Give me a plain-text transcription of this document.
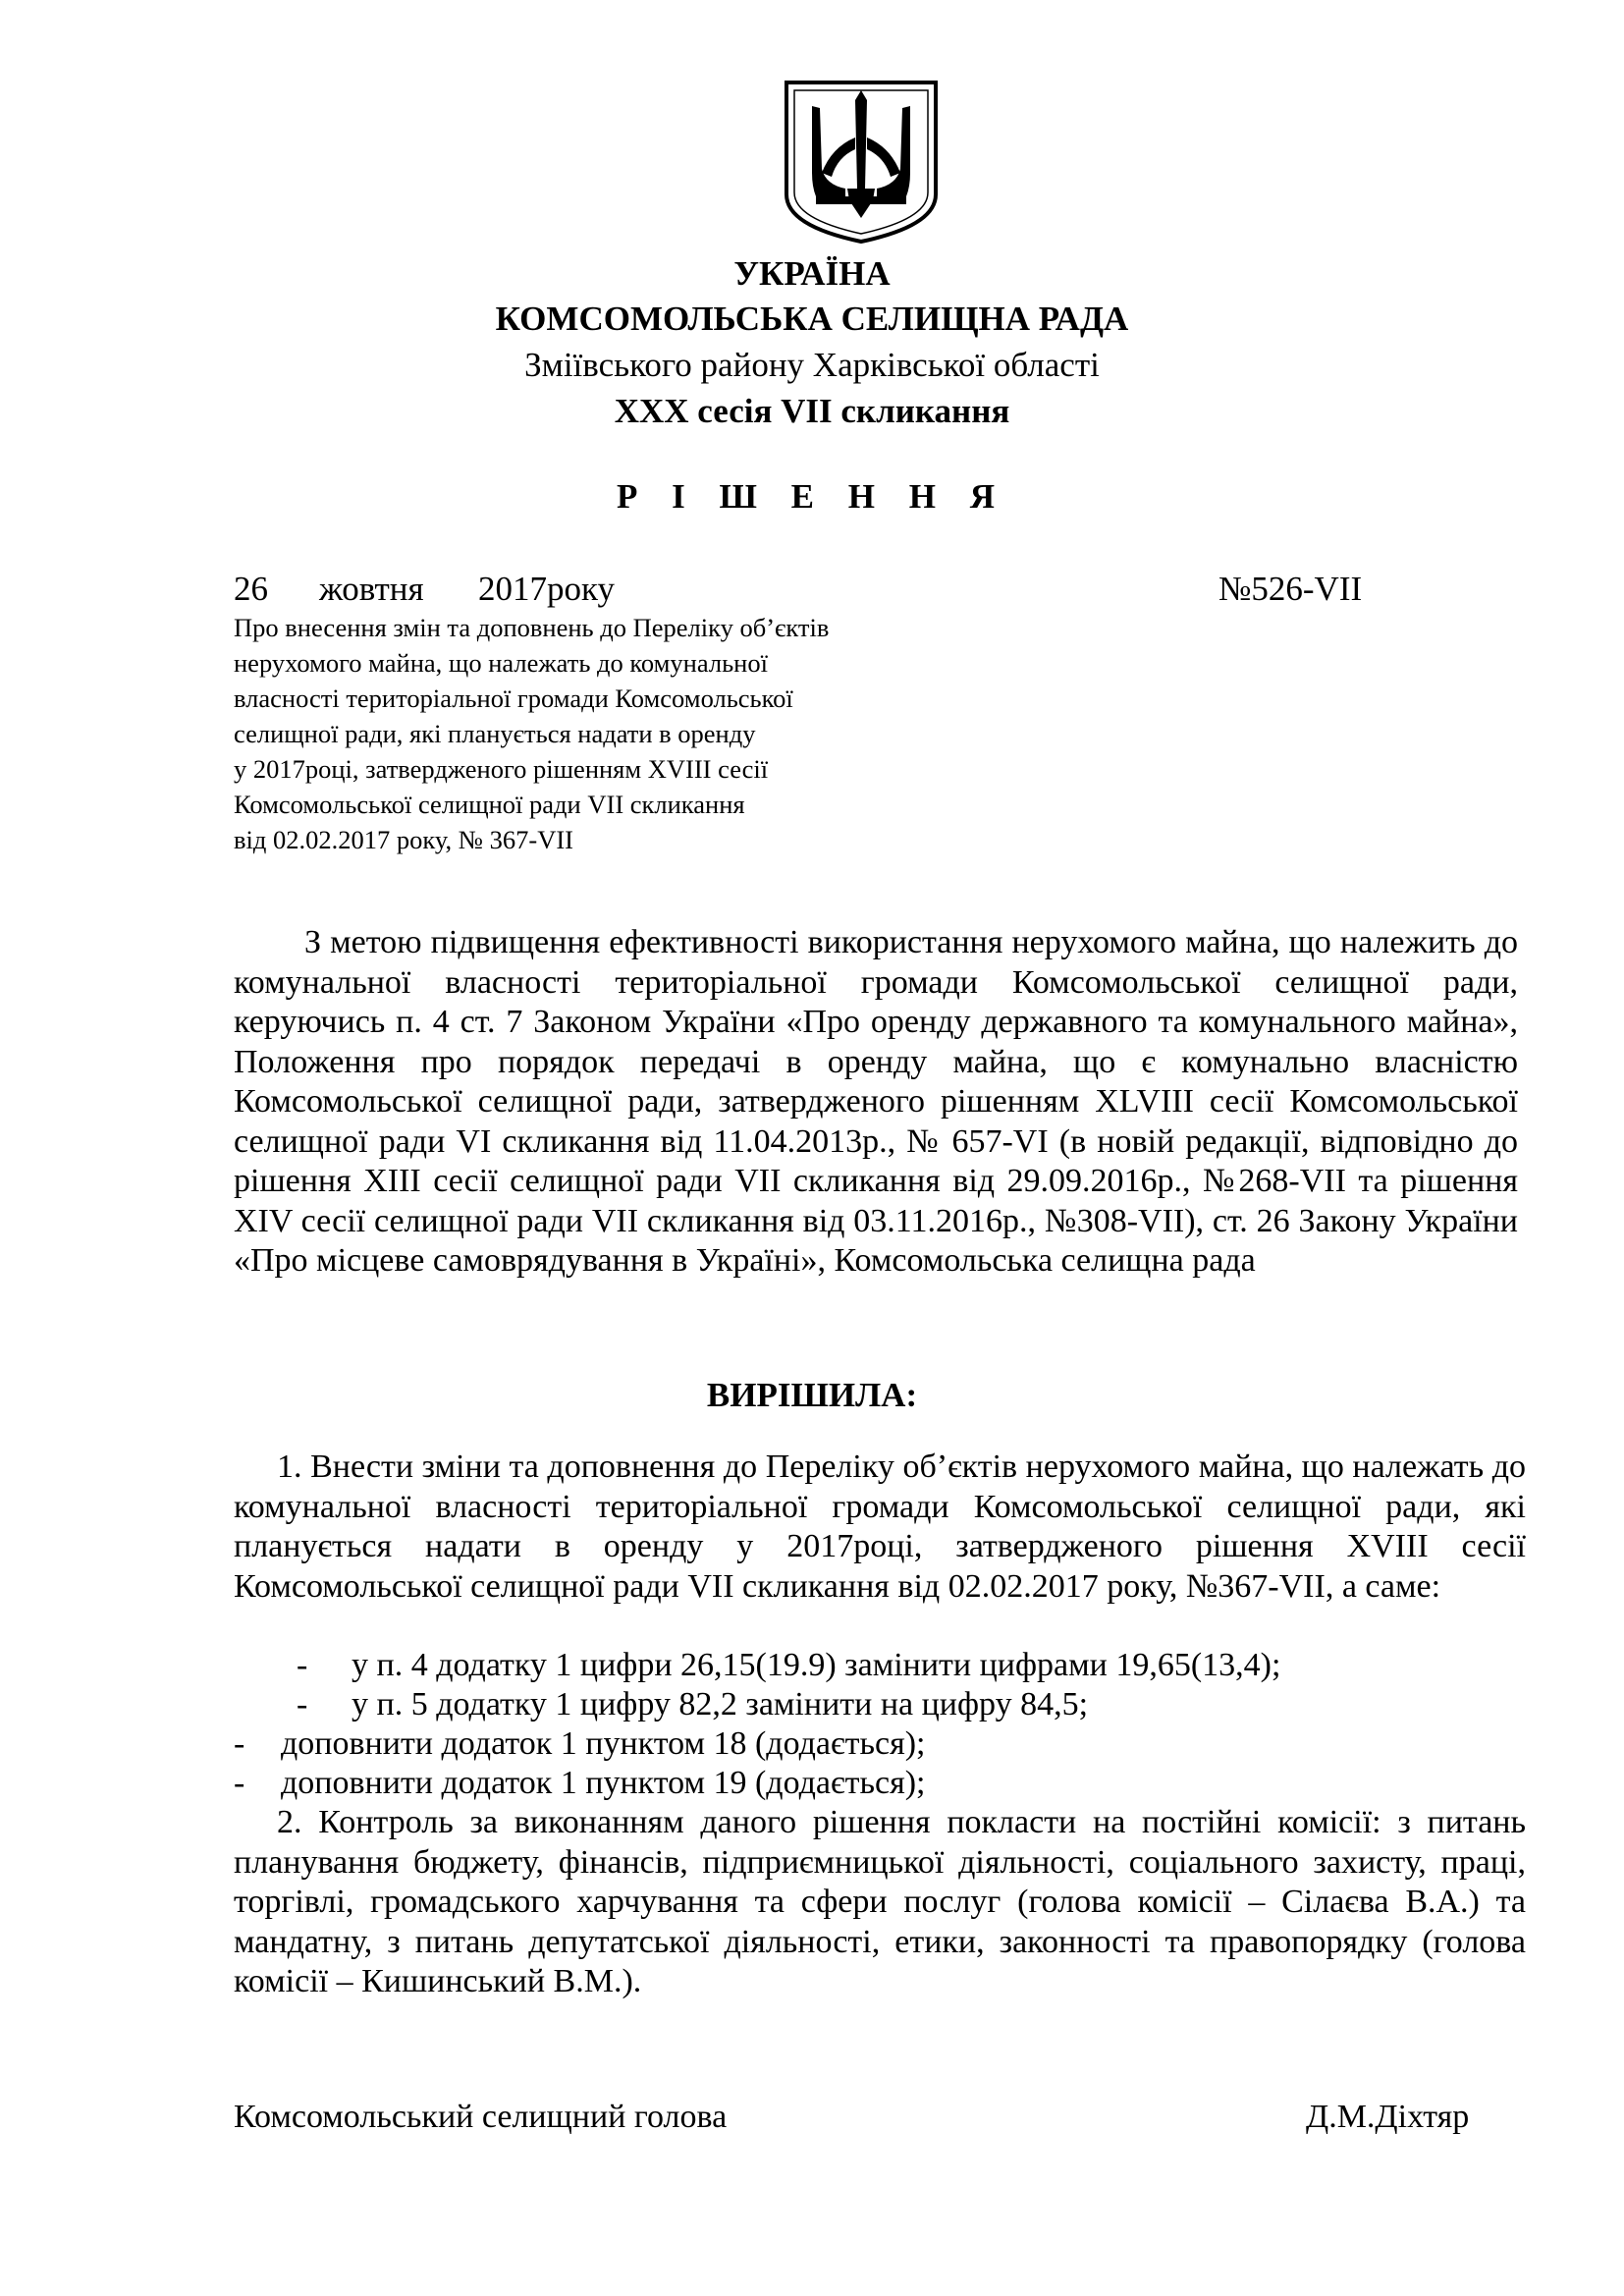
УКРАЇНА
КОМСОМОЛЬСЬКА СЕЛИЩНА РАДА
Зміївського району Харківської області
XXX сесія VII скликання
Р І Ш Е Н Н Я
26 жовтня 2017року	№526-VII
Про внесення змін та доповнень до Переліку об’єктів
нерухомого майна, що належать до комунальної
власності територіальної громади Комсомольської
селищної ради, які планується надати в оренду
у 2017році, затвердженого рішенням XVIII сесії
Комсомольської селищної ради VII скликання
від 02.02.2017 року, № 367-VII
З метою підвищення ефективності використання нерухомого майна, що належить до комунальної власності територіальної громади Комсомольської селищної ради, керуючись п. 4 ст. 7 Законом України «Про оренду державного та комунального майна», Положення про порядок передачі в оренду майна, що є комунально власністю Комсомольської селищної ради, затвердженого рішенням XLVIII сесії Комсомольської селищної ради VI скликання від 11.04.2013р., № 657-VI (в новій редакції, відповідно до рішення XIII сесії селищної ради VII скликання від 29.09.2016р., №268-VII та рішення XIV сесії селищної ради VII скликання від 03.11.2016р., №308-VII), ст. 26 Закону України «Про місцеве самоврядування в Україні», Комсомольська селищна рада
ВИРІШИЛА:
1. Внести зміни та доповнення до Переліку об’єктів нерухомого майна, що належать до комунальної власності територіальної громади Комсомольської селищної ради, які планується надати в оренду у 2017році, затвердженого рішення XVIII сесії Комсомольської селищної ради VII скликання від 02.02.2017 року, №367-VII, а саме:
- у п. 4 додатку 1 цифри 26,15(19.9) замінити цифрами 19,65(13,4);
- у п. 5 додатку 1 цифру 82,2 замінити на цифру 84,5;
- доповнити додаток 1 пунктом 18 (додається);
- доповнити додаток 1 пунктом 19 (додається);
2. Контроль за виконанням даного рішення покласти на постійні комісії: з питань планування бюджету, фінансів, підприємницької діяльності, соціального захисту, праці, торгівлі, громадського харчування та сфери послуг (голова комісії – Сілаєва В.А.) та мандатну, з питань депутатської діяльності, етики, законності та правопорядку (голова комісії – Кишинський В.М.).
Комсомольський селищний голова	Д.М.Діхтяр
